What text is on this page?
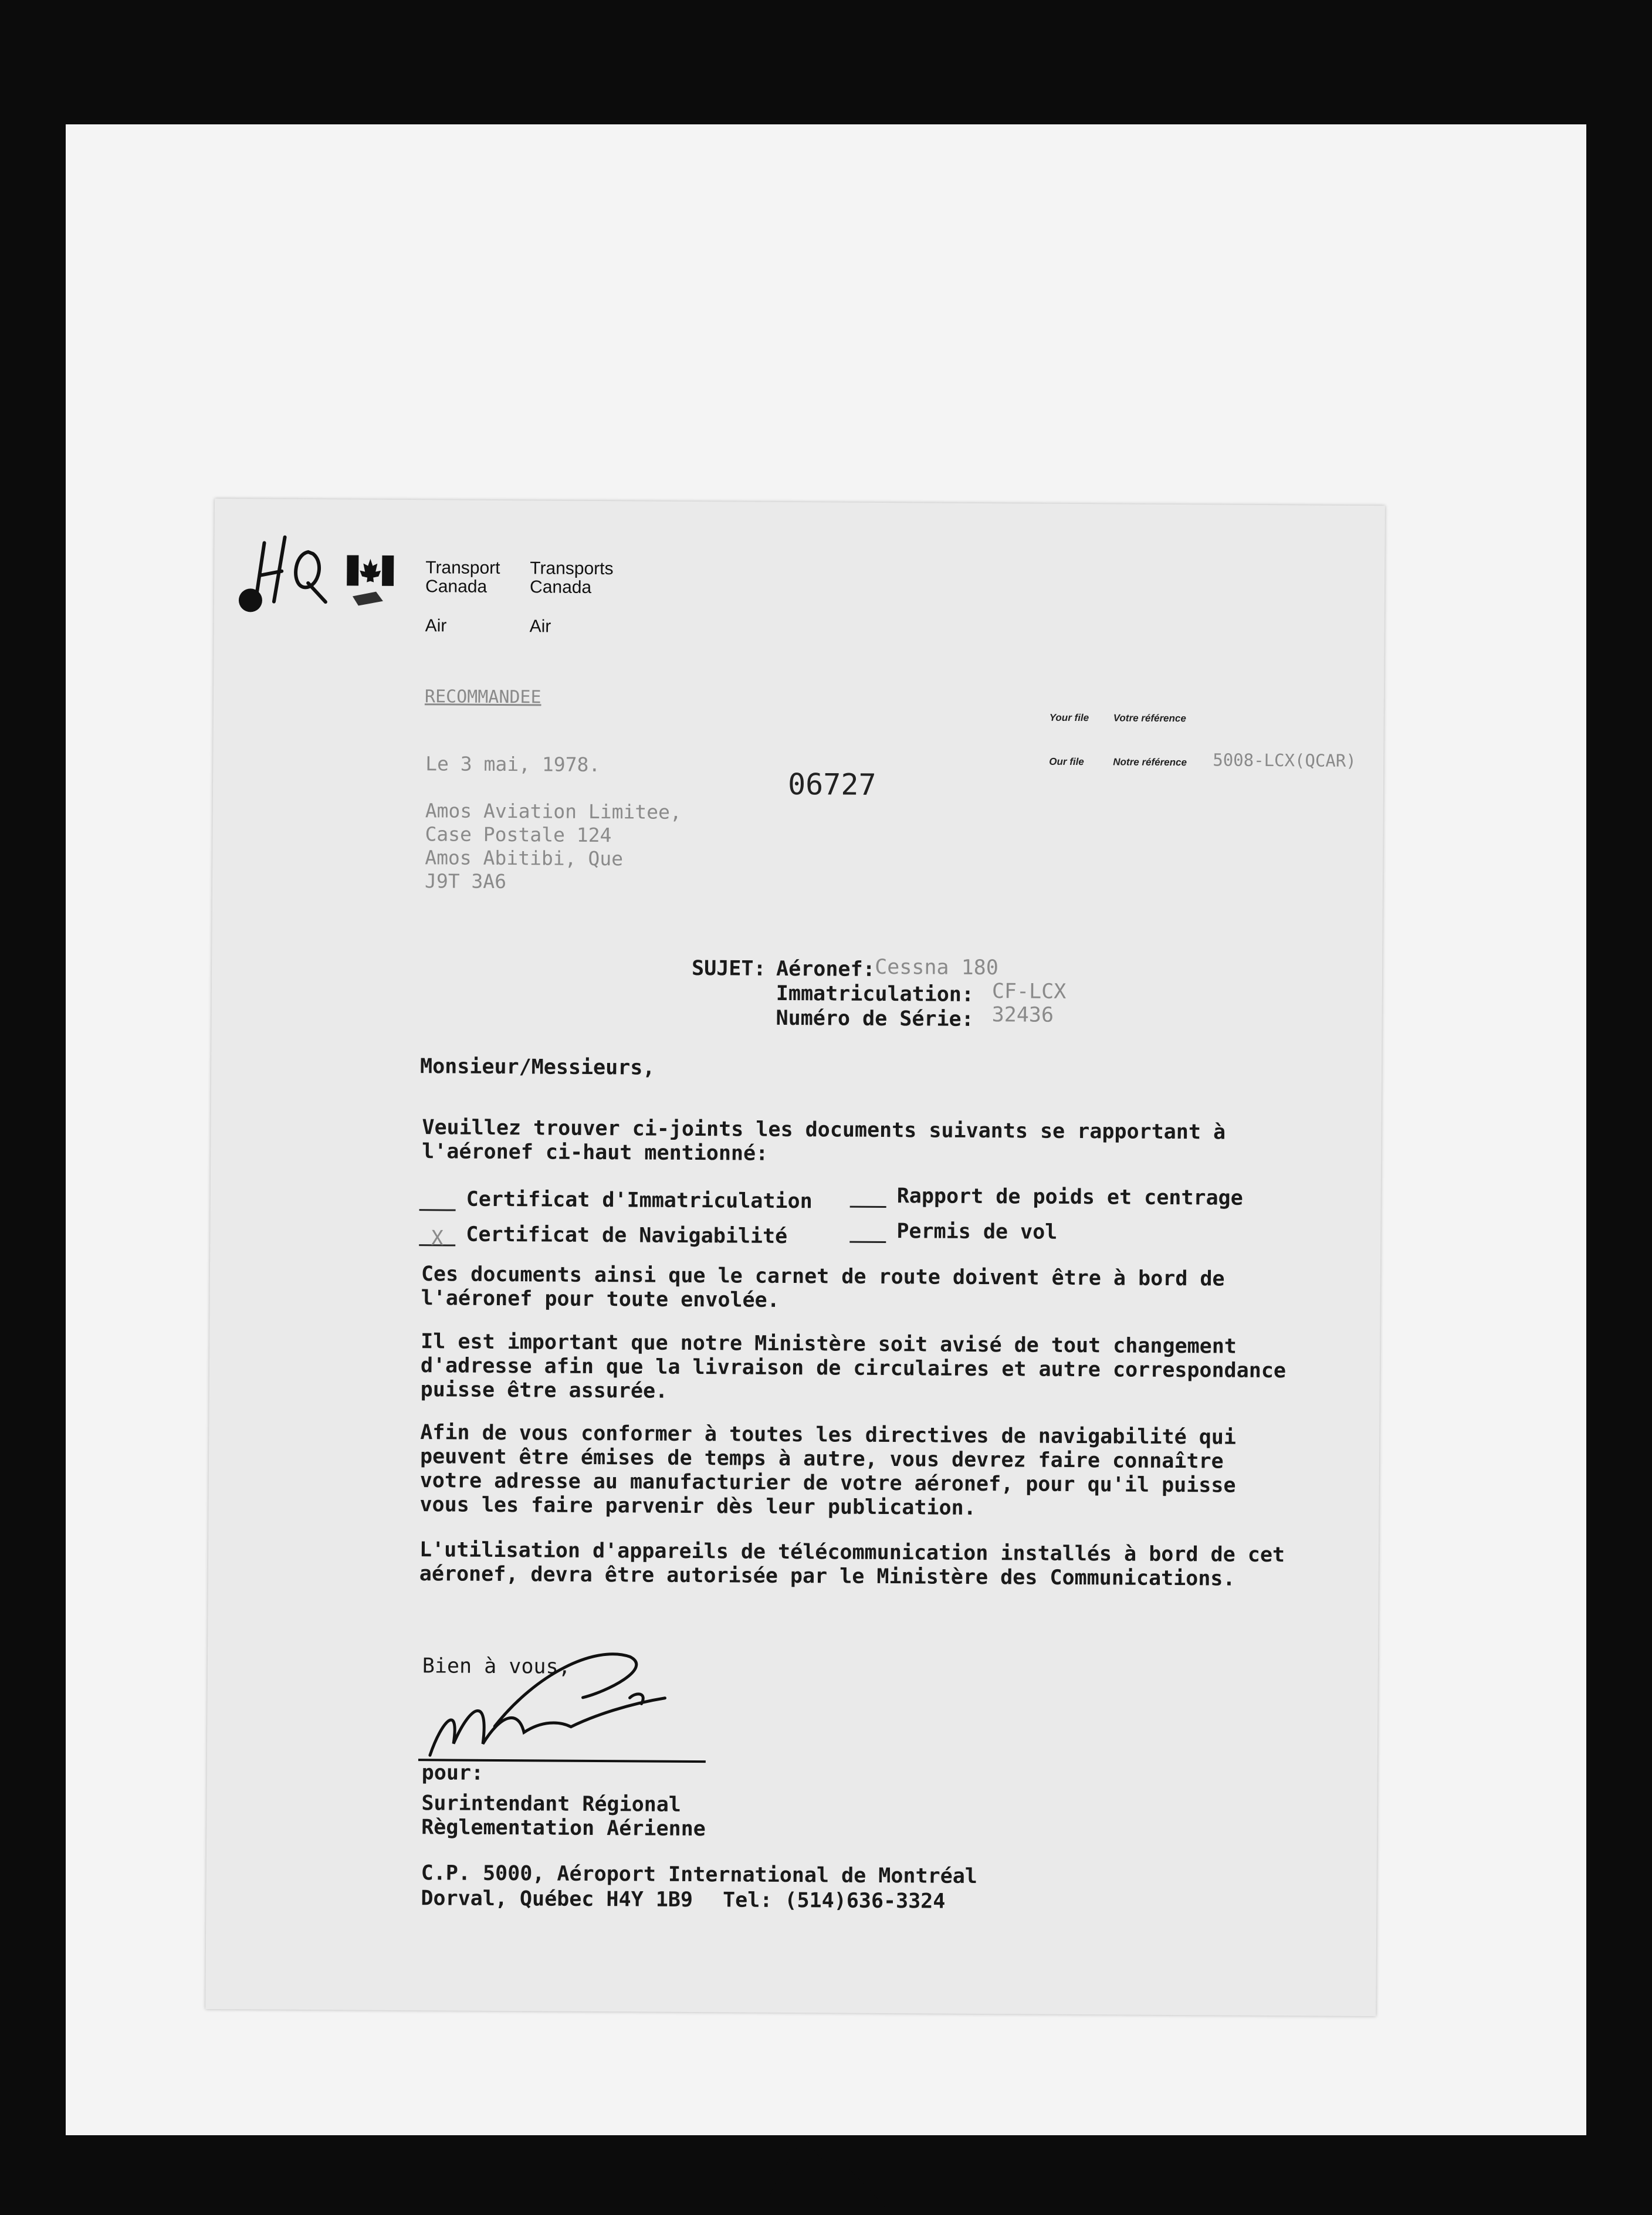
Transport
Canada
Transports
Canada
Air	Air
RECOMMANDEE
Your file Votre référence
Our file	Notre référence 5008-LCX(QCAR)
06727
Le 3 mai, 1978.
Amos Aviation Limitee,
Case Postale 124
Amos Abitibi, Que
J9T 3A6
SUJET: Aéronef: Cessna 180
Immatriculation: CF-LCX
Numéro de Série: 32436
Monsieur/Messieurs,
Veuillez trouver ci-joints les documents suivants se rapportant à
l'aéronef ci-haut mentionné:
Certificat d'Immatriculation	Rapport de poids et centrage
X Certificat de Navigabilité	Permis de vol
Ces documents ainsi que le carnet de route doivent être à bord de
l'aéronef pour toute envolée.
Il est important que notre Ministère soit avisé de tout changement
d'adresse afin que la livraison de circulaires et autre correspondance
puisse être assurée.
Afin de vous conformer à toutes les directives de navigabilité qui
peuvent être émises de temps à autre, vous devrez faire connaître
votre adresse au manufacturier de votre aéronef, pour qu'il puisse
vous les faire parvenir dès leur publication.
L'utilisation d'appareils de télécommunication installés à bord de cet
aéronef, devra être autorisée par le Ministère des Communications.
Bien à vous,
pour:
Surintendant Régional
Règlementation Aérienne
C.P. 5000, Aéroport International de Montréal
Dorval, Québec H4Y 1B9 Tel: (514)636-3324
